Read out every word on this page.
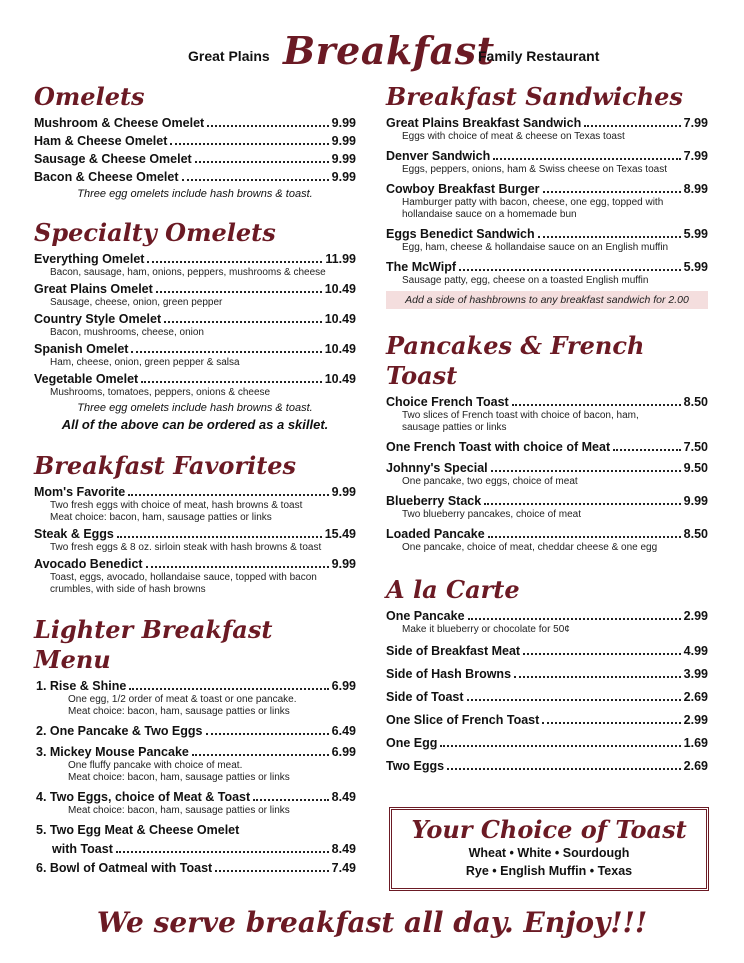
Great Plains Breakfast
Family Restaurant
Omelets
Mushroom & Cheese Omelet	9.99
Ham & Cheese Omelet	9.99
Sausage & Cheese Omelet	9.99
Bacon & Cheese Omelet	9.99
Three egg omelets include hash browns & toast.
Specialty Omelets
Everything Omelet	11.99
Bacon, sausage, ham, onions, peppers, mushrooms & cheese
Great Plains Omelet	10.49
Sausage, cheese, onion, green pepper
Country Style Omelet	10.49
Bacon, mushrooms, cheese, onion
Spanish Omelet	10.49
Ham, cheese, onion, green pepper & salsa
Vegetable Omelet	10.49
Mushrooms, tomatoes, peppers, onions & cheese
Three egg omelets include hash browns & toast.
All of the above can be ordered as a skillet.
Breakfast Favorites
Mom's Favorite	9.99
Two fresh eggs with choice of meat, hash browns & toast
Meat choice: bacon, ham, sausage patties or links
Steak & Eggs	15.49
Two fresh eggs & 8 oz. sirloin steak with hash browns & toast
Avocado Benedict	9.99
Toast, eggs, avocado, hollandaise sauce, topped with bacon
crumbles, with side of hash browns
Lighter Breakfast Menu
1. Rise & Shine	6.99
One egg, 1/2 order of meat & toast or one pancake.
Meat choice: bacon, ham, sausage patties or links
2. One Pancake & Two Eggs	6.49
3. Mickey Mouse Pancake	6.99
One fluffy pancake with choice of meat.
Meat choice: bacon, ham, sausage patties or links
4. Two Eggs, choice of Meat & Toast	8.49
Meat choice: bacon, ham, sausage patties or links
5. Two Egg Meat & Cheese Omelet
with Toast	8.49
6. Bowl of Oatmeal with Toast	7.49
Breakfast Sandwiches
Great Plains Breakfast Sandwich	7.99
Eggs with choice of meat & cheese on Texas toast
Denver Sandwich	7.99
Eggs, peppers, onions, ham & Swiss cheese on Texas toast
Cowboy Breakfast Burger	8.99
Hamburger patty with bacon, cheese, one egg, topped with
hollandaise sauce on a homemade bun
Eggs Benedict Sandwich	5.99
Egg, ham, cheese & hollandaise sauce on an English muffin
The McWipf	5.99
Sausage patty, egg, cheese on a toasted English muffin
Add a side of hashbrowns to any breakfast sandwich for 2.00
Pancakes & French Toast
Choice French Toast	8.50
Two slices of French toast with choice of bacon, ham,
sausage patties or links
One French Toast with choice of Meat	7.50
Johnny's Special	9.50
One pancake, two eggs, choice of meat
Blueberry Stack	9.99
Two blueberry pancakes, choice of meat
Loaded Pancake	8.50
One pancake, choice of meat, cheddar cheese & one egg
A la Carte
One Pancake	2.99
Make it blueberry or chocolate for 50¢
Side of Breakfast Meat	4.99
Side of Hash Browns	3.99
Side of Toast	2.69
One Slice of French Toast	2.99
One Egg	1.69
Two Eggs	2.69
Your Choice of Toast
Wheat • White • Sourdough
Rye • English Muffin • Texas
We serve breakfast all day. Enjoy!!!
